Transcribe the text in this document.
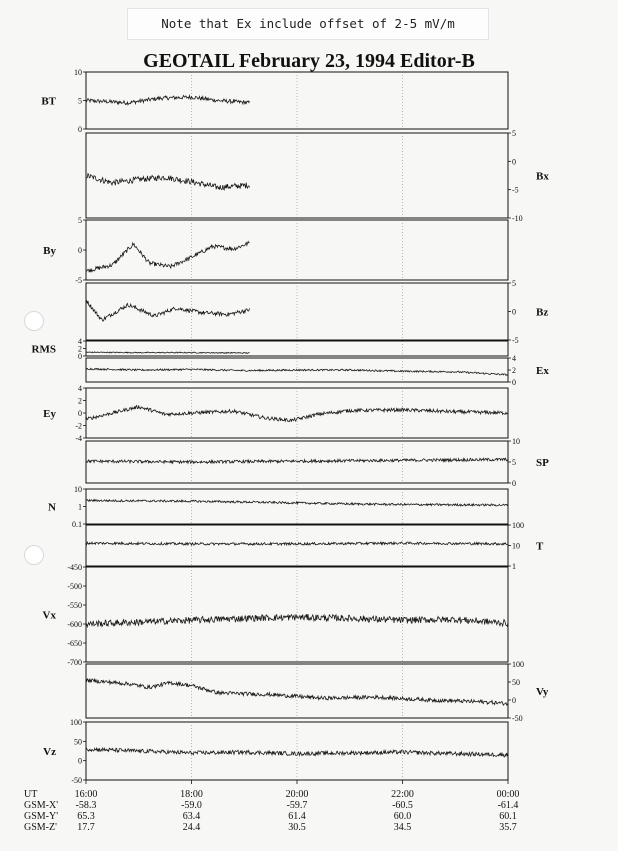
Note that Ex include offset of 2-5 mV/m
GEOTAIL February 23, 1994 Editor-B
10
5
0
BT
5
0
-5
-10
Bx
5
0
-5
By
5
0
-5
Bz
4
2
0
RMS
4
2
0
Ex
4
2
0
-2
-4
Ey
10
5
0
SP
10
1
0.1
N
100
10
1
T
-450
-500
-550
-600
-650
-700
Vx
100
50
0
-50
Vy
100
50
0
-50
Vz
UT	16:00	18:00	20:00	22:00	00:00
GSM-X' -58.3	-59.0	-59.7	-60.5	-61.4
GSM-Y' 65.3	63.4	61.4	60.0	60.1
GSM-Z' 17.7	24.4	30.5	34.5	35.7
